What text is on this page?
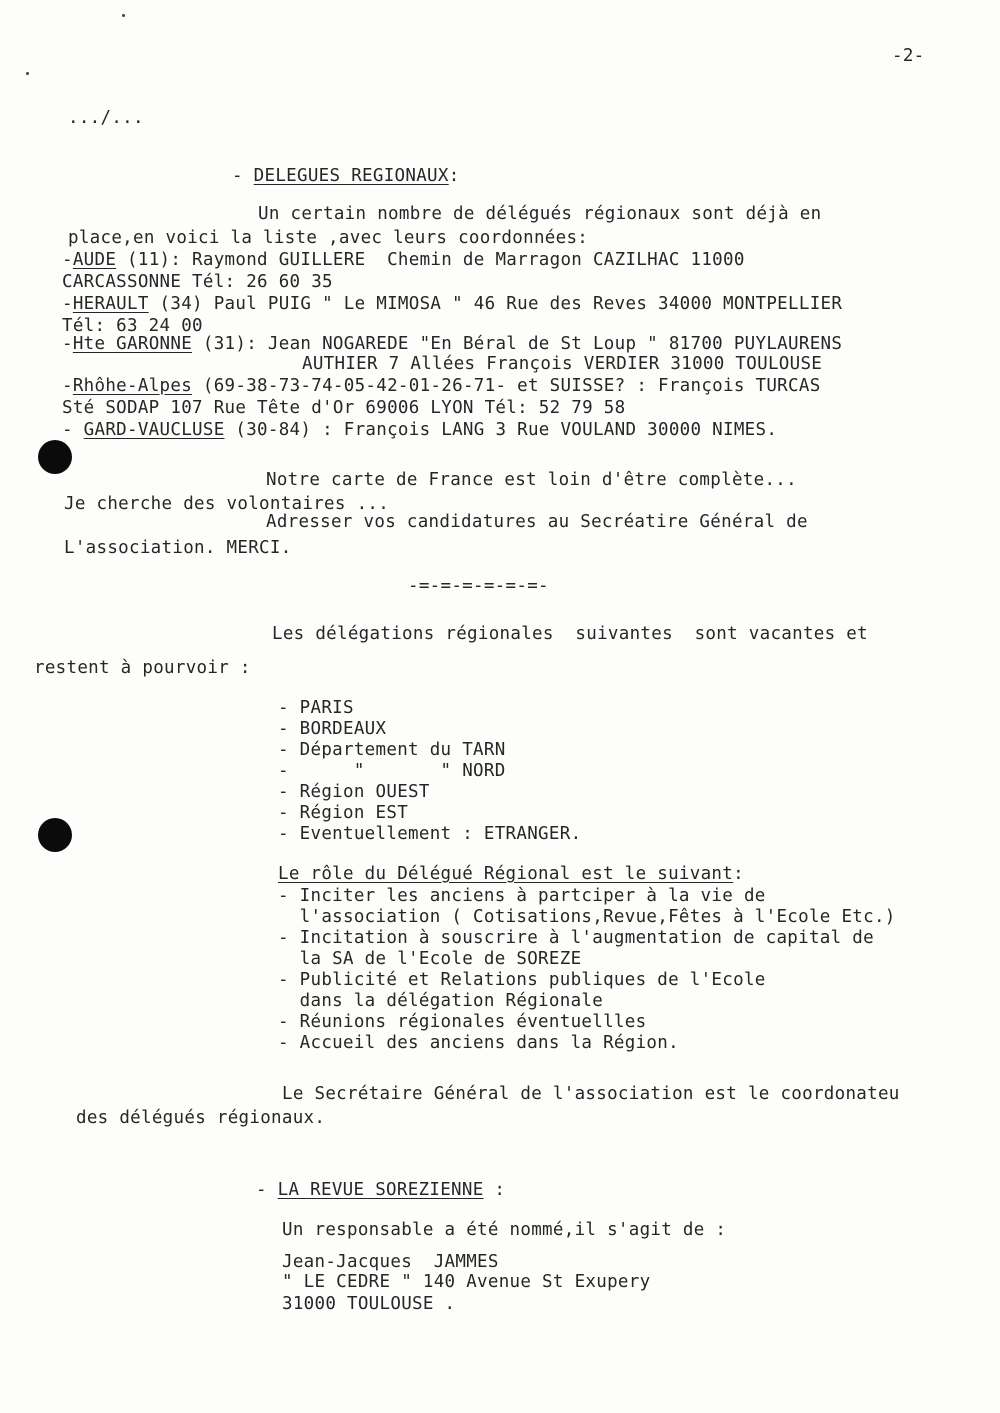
-2-
.../...
- DELEGUES REGIONAUX:
Un certain nombre de délégués régionaux sont déjà en
place,en voici la liste ,avec leurs coordonnées:
-AUDE (11): Raymond GUILLERE  Chemin de Marragon CAZILHAC 11000
CARCASSONNE Tél: 26 60 35
-HERAULT (34) Paul PUIG " Le MIMOSA " 46 Rue des Reves 34000 MONTPELLIER
Tél: 63 24 00
-Hte GARONNE (31): Jean NOGAREDE "En Béral de St Loup " 81700 PUYLAURENS
AUTHIER 7 Allées François VERDIER 31000 TOULOUSE
-Rhôhe-Alpes (69-38-73-74-05-42-01-26-71- et SUISSE? : François TURCAS
Sté SODAP 107 Rue Tête d'Or 69006 LYON Tél: 52 79 58
- GARD-VAUCLUSE (30-84) : François LANG 3 Rue VOULAND 30000 NIMES.
Notre carte de France est loin d'être complète...
Je cherche des volontaires ...
Adresser vos candidatures au Secréatire Général de
L'association. MERCI.
-=-=-=-=-=-=-
Les délégations régionales  suivantes  sont vacantes et
restent à pourvoir :
- PARIS
- BORDEAUX
- Département du TARN
-      "       " NORD
- Région OUEST
- Région EST
- Eventuellement : ETRANGER.
Le rôle du Délégué Régional est le suivant:
- Inciter les anciens à partciper à la vie de
l'association ( Cotisations,Revue,Fêtes à l'Ecole Etc.)
- Incitation à souscrire à l'augmentation de capital de
la SA de l'Ecole de SOREZE
- Publicité et Relations publiques de l'Ecole
dans la délégation Régionale
- Réunions régionales éventuellles
- Accueil des anciens dans la Région.
Le Secrétaire Général de l'association est le coordonateu
des délégués régionaux.
- LA REVUE SOREZIENNE :
Un responsable a été nommé,il s'agit de :
Jean-Jacques  JAMMES
" LE CEDRE " 140 Avenue St Exupery
31000 TOULOUSE .
